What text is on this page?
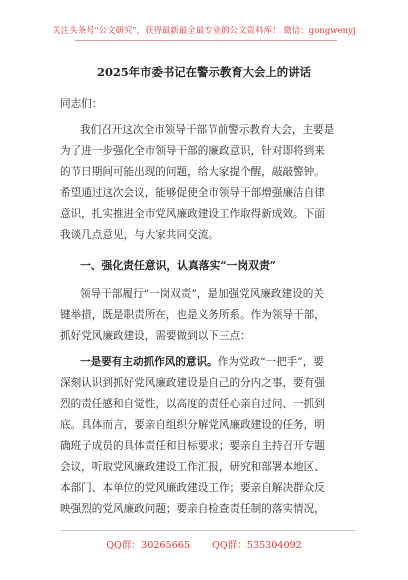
关注头条号"公文研究"，获得最新最全最专业的公文资料库！ 微信：gongwenyj
2025年市委书记在警示教育大会上的讲话
同志们：
我们召开这次全市领导干部节前警示教育大会，主要是
为了进一步强化全市领导干部的廉政意识，针对即将到来
的节日期间可能出现的问题，给大家提个醒，敲敲警钟。
希望通过这次会议，能够促使全市领导干部增强廉洁自律
意识，扎实推进全市党风廉政建设工作取得新成效。下面
我谈几点意见，与大家共同交流。
一、强化责任意识，认真落实“一岗双责”
领导干部履行“一岗双责”，是加强党风廉政建设的关
键举措，既是职责所在，也是义务所系。作为领导干部，
抓好党风廉政建设，需要做到以下三点：
一是要有主动抓作风的意识。作为党政“一把手”，要
深刻认识到抓好党风廉政建设是自己的分内之事，要有强
烈的责任感和自觉性，以高度的责任心亲自过问、一抓到
底。具体而言，要亲自组织分解党风廉政建设的任务，明
确班子成员的具体责任和目标要求；要亲自主持召开专题
会议，听取党风廉政建设工作汇报，研究和部署本地区、
本部门、本单位的党风廉政建设工作；要亲自解决群众反
映强烈的党风廉政问题；要亲自检查责任制的落实情况，
QQ群：30265665 QQ群：535304092
